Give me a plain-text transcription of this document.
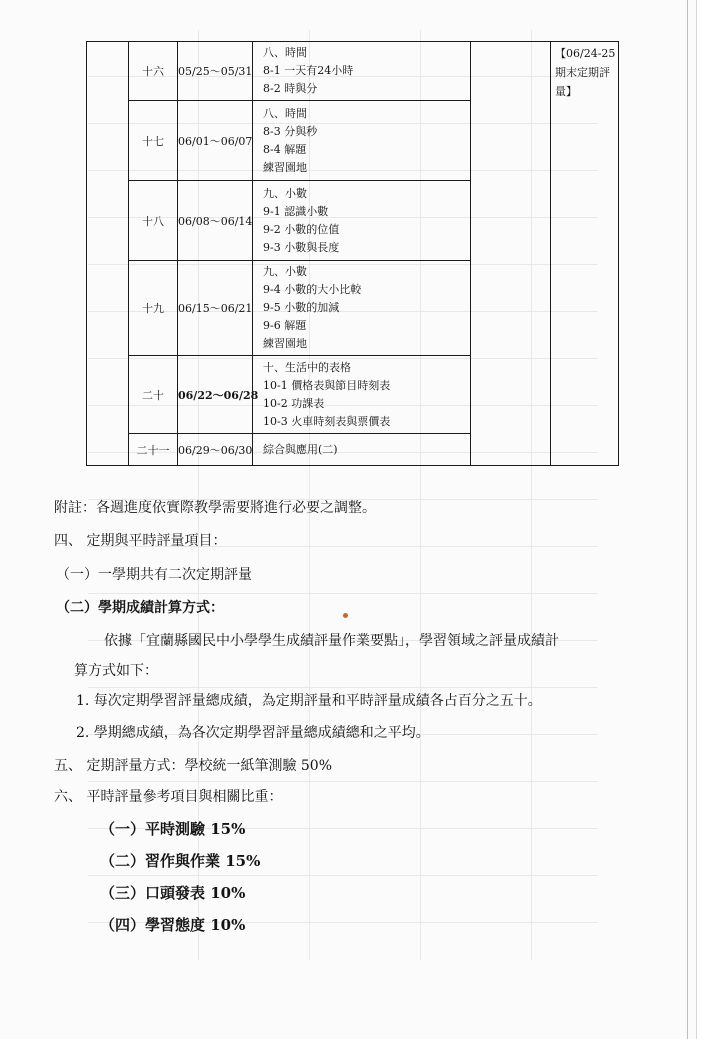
	十六	05/25～05/31	八、時間
8-1 一天有24小時
8-2 時與分		【06/24-25期末定期評量】
	十七	06/01～06/07	八、時間
8-3 分與秒
8-4 解題
練習園地		

	十八	06/08～06/14	九、小數
9-1 認識小數
9-2 小數的位值
9-3 小數與長度		

	十九	06/15～06/21	九、小數
9-4 小數的大小比較
9-5 小數的加減
9-6 解題
練習園地		

	二十	06/22～06/28	十、生活中的表格
10-1 價格表與節目時刻表
10-2 功課表
10-3 火車時刻表與票價表		

	二十一	06/29～06/30	綜合與應用(二)		
附註：各週進度依實際教學需要將進行必要之調整。
四、 定期與平時評量項目：
（一）一學期共有二次定期評量
（二）學期成績計算方式：
依據「宜蘭縣國民中小學學生成績評量作業要點」，學習領域之評量成績計
算方式如下：
1. 每次定期學習評量總成績，為定期評量和平時評量成績各占百分之五十。
2. 學期總成績，為各次定期學習評量總成績總和之平均。
五、 定期評量方式：學校統一紙筆測驗 50%
六、 平時評量參考項目與相關比重：
（一）平時測驗 15%
（二）習作與作業 15%
（三）口頭發表 10%
（四）學習態度 10%
